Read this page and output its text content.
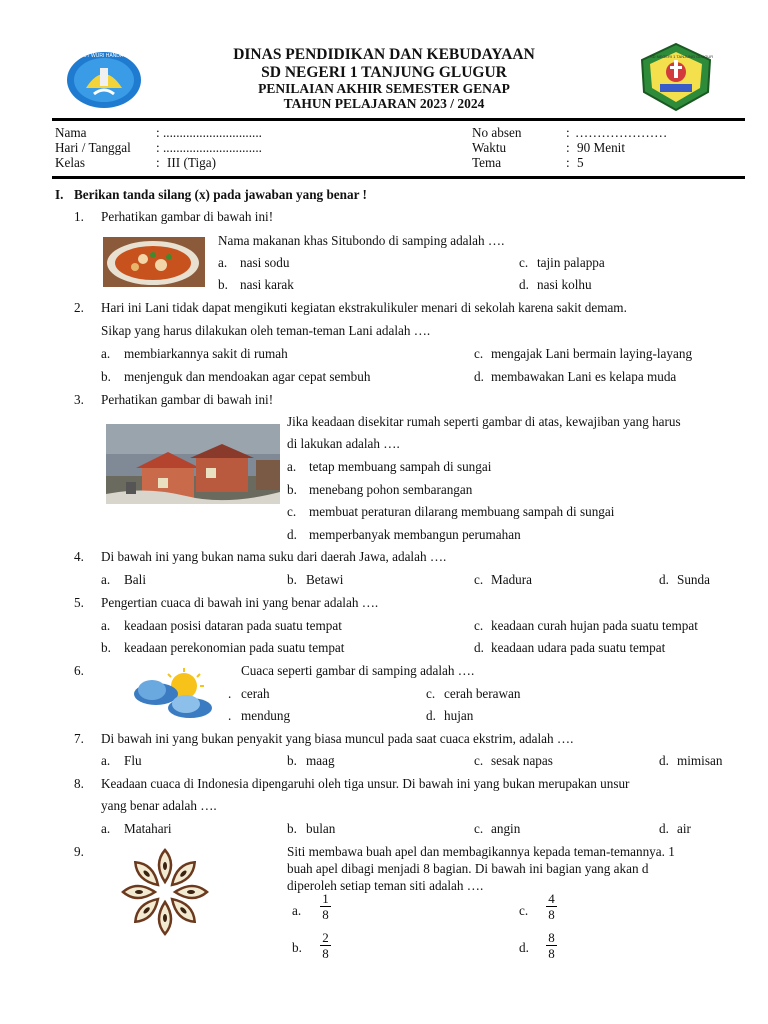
TUT WURI HANDAYANI	DINAS PENDIDIKAN DAN KEBUDAYAAN
SD NEGERI 1 TANJUNG GLUGUR
PENILAIAN AKHIR SEMESTER GENAP
TAHUN PELAJARAN 2023 / 2024
SD NEGERI 1 TANJUNG GLUGUR
Nama	: ..............................
Hari / Tanggal : ..............................
Kelas	: III (Tiga)
No absen	: …………………
Waktu	: 90 Menit
Tema	: 5
I. Berikan tanda silang (x) pada jawaban yang benar !
1. Perhatikan gambar di bawah ini!
Nama makanan khas Situbondo di samping adalah ….
a. nasi sodu
b. nasi karak
c. tajin palappa
d. nasi kolhu
2. Hari ini Lani tidak dapat mengikuti kegiatan ekstrakulikuler menari di sekolah karena sakit demam.
Sikap yang harus dilakukan oleh teman-teman Lani adalah ….
a. membiarkannya sakit di rumah
b. menjenguk dan mendoakan agar cepat sembuh
c. mengajak Lani bermain laying-layang
d. membawakan Lani es kelapa muda
3. Perhatikan gambar di bawah ini!
Jika keadaan disekitar rumah seperti gambar di atas, kewajiban yang harus
di lakukan adalah ….
a. tetap membuang sampah di sungai
b. menebang pohon sembarangan
c. membuat peraturan dilarang membuang sampah di sungai
d. memperbanyak membangun perumahan
4. Di bawah ini yang bukan nama suku dari daerah Jawa, adalah ….
a. Bali	b. Betawi	c. Madura	d. Sunda
5. Pengertian cuaca di bawah ini yang benar adalah ….
a. keadaan posisi dataran pada suatu tempat
b. keadaan perekonomian pada suatu tempat
c. keadaan curah hujan pada suatu tempat
d. keadaan udara pada suatu tempat
6.	Cuaca seperti gambar di samping adalah ….
. cerah
. mendung
c. cerah berawan
d. hujan
7. Di bawah ini yang bukan penyakit yang biasa muncul pada saat cuaca ekstrim, adalah ….
a. Flu	b. maag	c. sesak napas	d. mimisan
8. Keadaan cuaca di Indonesia dipengaruhi oleh tiga unsur. Di bawah ini yang bukan merupakan unsur
yang benar adalah ….
a. Matahari	b. bulan	c. angin	d. air
9.	Siti membawa buah apel dan membagikannya kepada teman-temannya. 1
buah apel dibagi menjadi 8 bagian. Di bawah ini bagian yang akan d
diperoleh setiap teman siti adalah ….
a.
1
8
b.
2
8
c.
4
8
d.
8
8
